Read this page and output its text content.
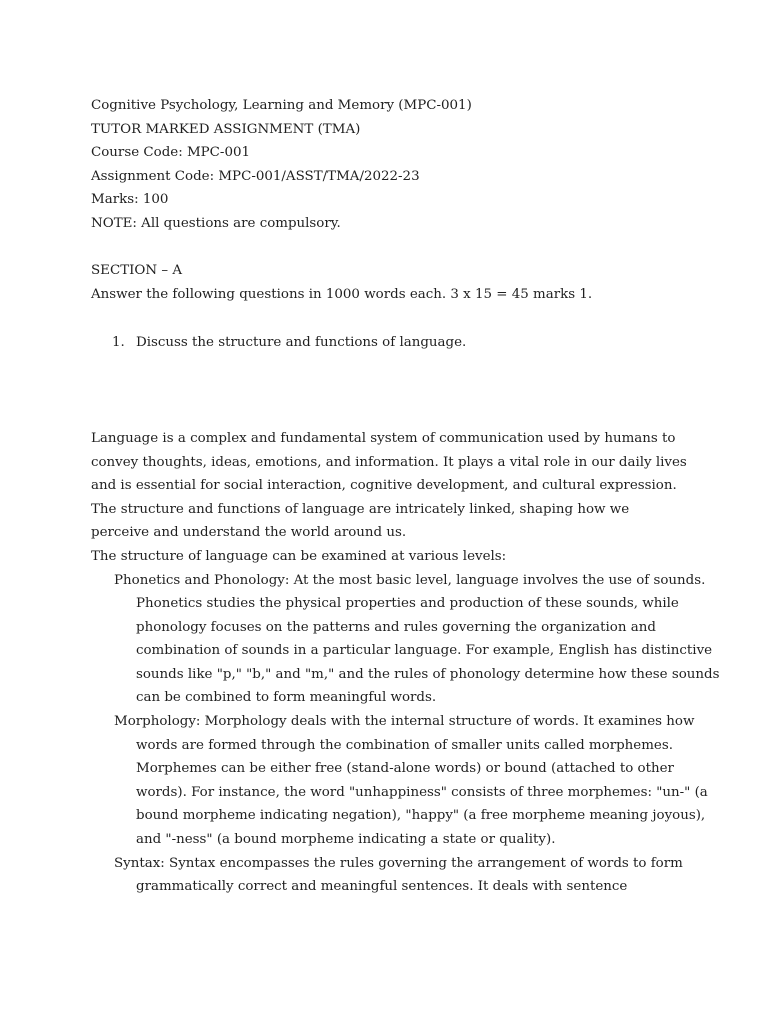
Cognitive Psychology, Learning and Memory (MPC-001)

TUTOR MARKED ASSIGNMENT (TMA)

Course Code: MPC-001

Assignment Code: MPC-001/ASST/TMA/2022-23

Marks: 100

NOTE: All questions are compulsory.

SECTION – A

Answer the following questions in 1000 words each. 3 x 15 = 45 marks 1.

1. Discuss the structure and functions of language.

Language is a complex and fundamental system of communication used by humans to convey thoughts, ideas, emotions, and information. It plays a vital role in our daily lives and is essential for social interaction, cognitive development, and cultural expression. The structure and functions of language are intricately linked, shaping how we perceive and understand the world around us.

The structure of language can be examined at various levels:

Phonetics and Phonology: At the most basic level, language involves the use of sounds. Phonetics studies the physical properties and production of these sounds, while phonology focuses on the patterns and rules governing the organization and combination of sounds in a particular language. For example, English has distinctive sounds like "p," "b," and "m," and the rules of phonology determine how these sounds can be combined to form meaningful words.

Morphology: Morphology deals with the internal structure of words. It examines how words are formed through the combination of smaller units called morphemes. Morphemes can be either free (stand-alone words) or bound (attached to other words). For instance, the word "unhappiness" consists of three morphemes: "un-" (a bound morpheme indicating negation), "happy" (a free morpheme meaning joyous), and "-ness" (a bound morpheme indicating a state or quality).

Syntax: Syntax encompasses the rules governing the arrangement of words to form grammatically correct and meaningful sentences. It deals with sentence
